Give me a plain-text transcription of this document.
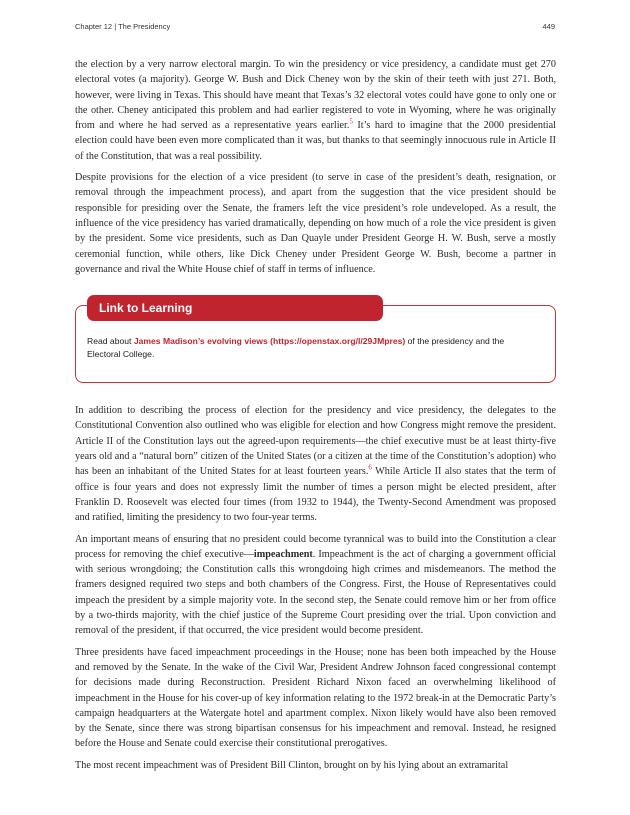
Chapter 12 | The Presidency	449

the election by a very narrow electoral margin. To win the presidency or vice presidency, a candidate must get 270 electoral votes (a majority). George W. Bush and Dick Cheney won by the skin of their teeth with just 271. Both, however, were living in Texas. This should have meant that Texas’s 32 electoral votes could have gone to only one or the other. Cheney anticipated this problem and had earlier registered to vote in Wyoming, where he was originally from and where he had served as a representative years earlier.$^5$ It’s hard to imagine that the 2000 presidential election could have been even more complicated than it was, but thanks to that seemingly innocuous rule in Article II of the Constitution, that was a real possibility.

Despite provisions for the election of a vice president (to serve in case of the president’s death, resignation, or removal through the impeachment process), and apart from the suggestion that the vice president should be responsible for presiding over the Senate, the framers left the vice president’s role undeveloped. As a result, the influence of the vice presidency has varied dramatically, depending on how much of a role the vice president is given by the president. Some vice presidents, such as Dan Quayle under President George H. W. Bush, serve a mostly ceremonial function, while others, like Dick Cheney under President George W. Bush, become a partner in governance and rival the White House chief of staff in terms of influence.

Link to Learning
Read about James Madison’s evolving views (https://openstax.org/l/29JMpres) of the presidency and the Electoral College.

In addition to describing the process of election for the presidency and vice presidency, the delegates to the Constitutional Convention also outlined who was eligible for election and how Congress might remove the president. Article II of the Constitution lays out the agreed-upon requirements—the chief executive must be at least thirty-five years old and a “natural born” citizen of the United States (or a citizen at the time of the Constitution’s adoption) who has been an inhabitant of the United States for at least fourteen years.$^6$ While Article II also states that the term of office is four years and does not expressly limit the number of times a person might be elected president, after Franklin D. Roosevelt was elected four times (from 1932 to 1944), the Twenty-Second Amendment was proposed and ratified, limiting the presidency to two four-year terms.

An important means of ensuring that no president could become tyrannical was to build into the Constitution a clear process for removing the chief executive—impeachment. Impeachment is the act of charging a government official with serious wrongdoing; the Constitution calls this wrongdoing high crimes and misdemeanors. The method the framers designed required two steps and both chambers of the Congress. First, the House of Representatives could impeach the president by a simple majority vote. In the second step, the Senate could remove him or her from office by a two-thirds majority, with the chief justice of the Supreme Court presiding over the trial. Upon conviction and removal of the president, if that occurred, the vice president would become president.

Three presidents have faced impeachment proceedings in the House; none has been both impeached by the House and removed by the Senate. In the wake of the Civil War, President Andrew Johnson faced congressional contempt for decisions made during Reconstruction. President Richard Nixon faced an overwhelming likelihood of impeachment in the House for his cover-up of key information relating to the 1972 break-in at the Democratic Party’s campaign headquarters at the Watergate hotel and apartment complex. Nixon likely would have also been removed by the Senate, since there was strong bipartisan consensus for his impeachment and removal. Instead, he resigned before the House and Senate could exercise their constitutional prerogatives.

The most recent impeachment was of President Bill Clinton, brought on by his lying about an extramarital
